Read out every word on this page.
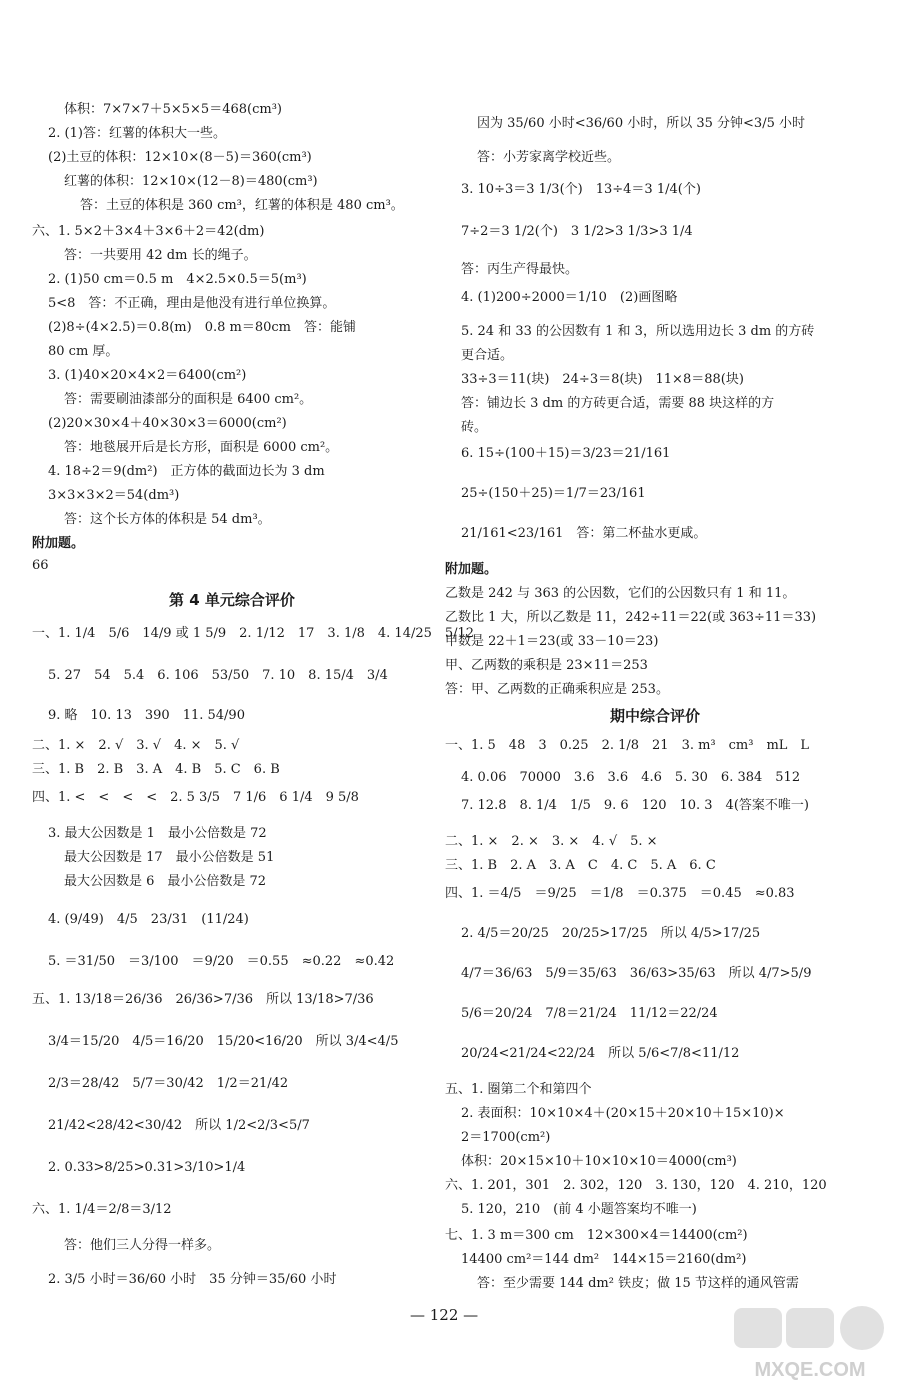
体积：7×7×7＋5×5×5＝468(cm³)
2. (1)答：红薯的体积大一些。
(2)土豆的体积：12×10×(8－5)＝360(cm³)
红薯的体积：12×10×(12－8)＝480(cm³)
答：土豆的体积是 360 cm³，红薯的体积是 480 cm³。
六、1. 5×2＋3×4＋3×6＋2＝42(dm)
答：一共要用 42 dm 长的绳子。
2. (1)50 cm＝0.5 m　4×2.5×0.5＝5(m³)
5<8　答：不正确，理由是他没有进行单位换算。
(2)8÷(4×2.5)＝0.8(m)　0.8 m＝80cm　答：能铺
80 cm 厚。
3. (1)40×20×4×2＝6400(cm²)
答：需要刷油漆部分的面积是 6400 cm²。
(2)20×30×4＋40×30×3＝6000(cm²)
答：地毯展开后是长方形，面积是 6000 cm²。
4. 18÷2＝9(dm²)　正方体的截面边长为 3 dm
3×3×3×2＝54(dm³)
答：这个长方体的体积是 54 dm³。
附加题。
66
第 4 单元综合评价
一、1. 1/4　5/6　14/9 或 1 5/9　2. 1/12　17　3. 1/8　4. 14/25　5/12
5. 27　54　5.4　6. 106　53/50　7. 10　8. 15/4　3/4
9. 略　10. 13　390　11. 54/90
二、1. ×　2. √　3. √　4. ×　5. √
三、1. B　2. B　3. A　4. B　5. C　6. B
四、1. <　<　<　<　2. 5 3/5　7 1/6　6 1/4　9 5/8
3. 最大公因数是 1　最小公倍数是 72
最大公因数是 17　最小公倍数是 51
最大公因数是 6　最小公倍数是 72
4. (9/49)　4/5　23/31　(11/24)
5. ＝31/50　＝3/100　＝9/20　＝0.55　≈0.22　≈0.42
五、1. 13/18＝26/36　26/36>7/36　所以 13/18>7/36
3/4＝15/20　4/5＝16/20　15/20<16/20　所以 3/4<4/5
2/3＝28/42　5/7＝30/42　1/2＝21/42
21/42<28/42<30/42　所以 1/2<2/3<5/7
2. 0.33>8/25>0.31>3/10>1/4
六、1. 1/4＝2/8＝3/12
答：他们三人分得一样多。
2. 3/5 小时＝36/60 小时　35 分钟＝35/60 小时
因为 35/60 小时<36/60 小时，所以 35 分钟<3/5 小时
答：小芳家离学校近些。
3. 10÷3＝3 1/3(个)　13÷4＝3 1/4(个)
7÷2＝3 1/2(个)　3 1/2>3 1/3>3 1/4
答：丙生产得最快。
4. (1)200÷2000＝1/10　(2)画图略
5. 24 和 33 的公因数有 1 和 3，所以选用边长 3 dm 的方砖
更合适。
33÷3＝11(块)　24÷3＝8(块)　11×8＝88(块)
答：铺边长 3 dm 的方砖更合适，需要 88 块这样的方
砖。
6. 15÷(100＋15)＝3/23＝21/161
25÷(150＋25)＝1/7＝23/161
21/161<23/161　答：第二杯盐水更咸。
附加题。
乙数是 242 与 363 的公因数，它们的公因数只有 1 和 11。
乙数比 1 大，所以乙数是 11，242÷11＝22(或 363÷11＝33)
甲数是 22＋1＝23(或 33－10＝23)
甲、乙两数的乘积是 23×11＝253
答：甲、乙两数的正确乘积应是 253。
期中综合评价
一、1. 5　48　3　0.25　2. 1/8　21　3. m³　cm³　mL　L
4. 0.06　70000　3.6　3.6　4.6　5. 30　6. 384　512
7. 12.8　8. 1/4　1/5　9. 6　120　10. 3　4(答案不唯一)
二、1. ×　2. ×　3. ×　4. √　5. ×
三、1. B　2. A　3. A　C　4. C　5. A　6. C
四、1. ＝4/5　＝9/25　＝1/8　＝0.375　＝0.45　≈0.83
2. 4/5＝20/25　20/25>17/25　所以 4/5>17/25
4/7＝36/63　5/9＝35/63　36/63>35/63　所以 4/7>5/9
5/6＝20/24　7/8＝21/24　11/12＝22/24
20/24<21/24<22/24　所以 5/6<7/8<11/12
五、1. 圈第二个和第四个
2. 表面积：10×10×4＋(20×15＋20×10＋15×10)×
2＝1700(cm²)
体积：20×15×10＋10×10×10＝4000(cm³)
六、1. 201，301　2. 302，120　3. 130，120　4. 210，120
5. 120，210　(前 4 小题答案均不唯一)
七、1. 3 m＝300 cm　12×300×4＝14400(cm²)
14400 cm²＝144 dm²　144×15＝2160(dm²)
答：至少需要 144 dm² 铁皮；做 15 节这样的通风管需
— 122 —
MXQE.COM
